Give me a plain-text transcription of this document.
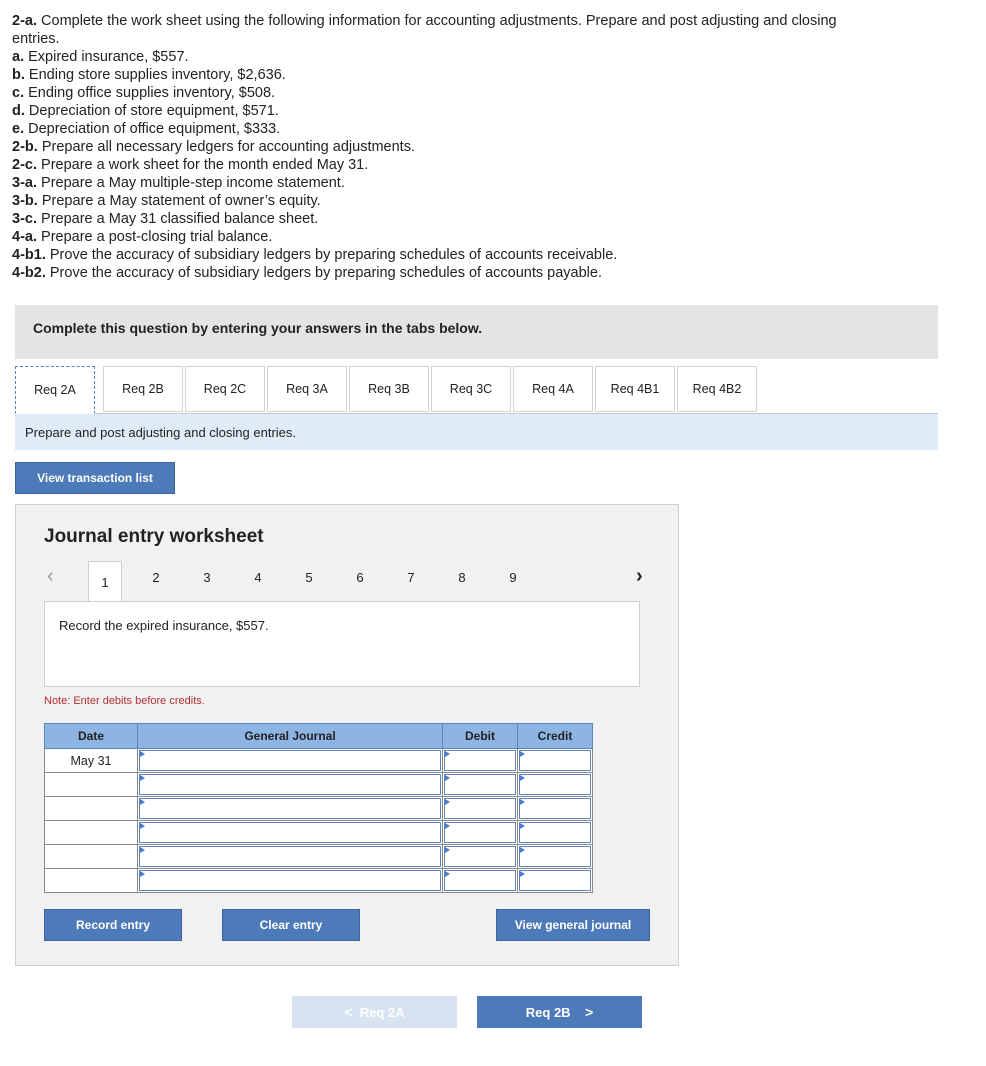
2-a. Complete the work sheet using the following information for accounting adjustments. Prepare and post adjusting and closing
entries.
a. Expired insurance, $557.
b. Ending store supplies inventory, $2,636.
c. Ending office supplies inventory, $508.
d. Depreciation of store equipment, $571.
e. Depreciation of office equipment, $333.
2-b. Prepare all necessary ledgers for accounting adjustments.
2-c. Prepare a work sheet for the month ended May 31.
3-a. Prepare a May multiple-step income statement.
3-b. Prepare a May statement of owner’s equity.
3-c. Prepare a May 31 classified balance sheet.
4-a. Prepare a post-closing trial balance.
4-b1. Prove the accuracy of subsidiary ledgers by preparing schedules of accounts receivable.
4-b2. Prove the accuracy of subsidiary ledgers by preparing schedules of accounts payable.
Complete this question by entering your answers in the tabs below.
Req 2A	Req 2B	Req 2C	Req 3A	Req 3B	Req 3C	Req 4A	Req 4B1	Req 4B2
Prepare and post adjusting and closing entries.
View transaction list
Journal entry worksheet
‹	›
1	2	3	4	5	6	7	8	9
Record the expired insurance, $557.
Note: Enter debits before credits.
Date	General Journal	Debit	Credit
May 31	

Record entry	Clear entry	View general journal
<
Req 2A	Req 2B
>
